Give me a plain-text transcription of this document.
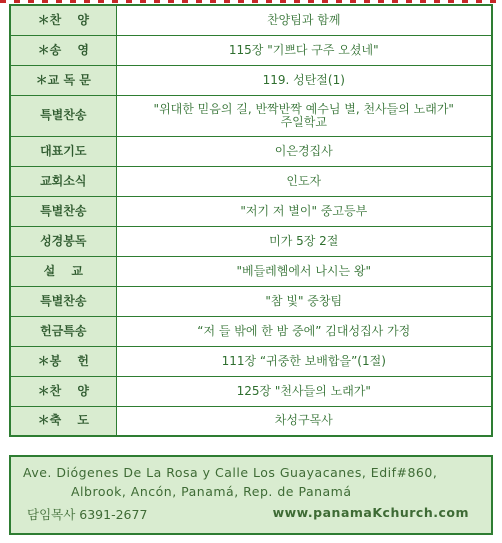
＊찬 　양	찬양팀과 함께
＊송 　영	115장 "기쁘다 구주 오셨네"
＊교 독 문	119. 성탄절(1)
특별찬송	"위대한 믿음의 길, 반짝반짝 예수님 별, 천사들의 노래가"
주일학교

대표기도	이은경집사
교회소식	인도자
특별찬송	"저기 저 별이" 중고등부
성경봉독	미가 5장 2절
설 　교	"베들레헴에서 나시는 왕"
특별찬송	"참 빛" 중창팀
헌금특송	“저 들 밖에 한 밤 중에” 김대성집사 가정
＊봉 　헌	111장 “귀중한 보배합을”(1절)
＊찬 　양	125장 "천사들의 노래가"
＊축 　도	차성구목사
Ave. Diógenes De La Rosa y Calle Los Guayacanes, Edif#860,
Albrook, Ancón, Panamá, Rep. de Panamá
담임목사 6391-2677	www.panamaKchurch.com
